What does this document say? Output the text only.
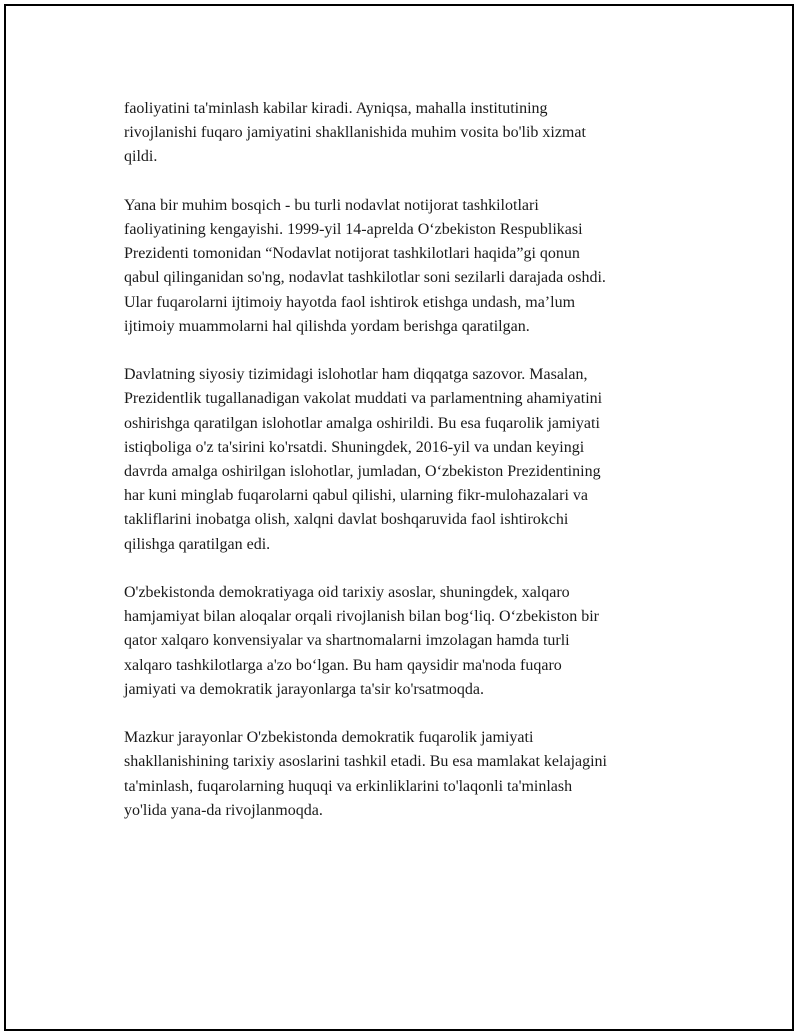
faoliyatini ta'minlash kabilar kiradi. Ayniqsa, mahalla institutining
rivojlanishi fuqaro jamiyatini shakllanishida muhim vosita bo'lib xizmat
qildi.

Yana bir muhim bosqich - bu turli nodavlat notijorat tashkilotlari
faoliyatining kengayishi. 1999-yil 14-aprelda O‘zbekiston Respublikasi
Prezidenti tomonidan “Nodavlat notijorat tashkilotlari haqida”gi qonun
qabul qilinganidan so'ng, nodavlat tashkilotlar soni sezilarli darajada oshdi.
Ular fuqarolarni ijtimoiy hayotda faol ishtirok etishga undash, ma’lum
ijtimoiy muammolarni hal qilishda yordam berishga qaratilgan.

Davlatning siyosiy tizimidagi islohotlar ham diqqatga sazovor. Masalan,
Prezidentlik tugallanadigan vakolat muddati va parlamentning ahamiyatini
oshirishga qaratilgan islohotlar amalga oshirildi. Bu esa fuqarolik jamiyati
istiqboliga o'z ta'sirini ko'rsatdi. Shuningdek, 2016-yil va undan keyingi
davrda amalga oshirilgan islohotlar, jumladan, O‘zbekiston Prezidentining
har kuni minglab fuqarolarni qabul qilishi, ularning fikr-mulohazalari va
takliflarini inobatga olish, xalqni davlat boshqaruvida faol ishtirokchi
qilishga qaratilgan edi.

O'zbekistonda demokratiyaga oid tarixiy asoslar, shuningdek, xalqaro
hamjamiyat bilan aloqalar orqali rivojlanish bilan bog‘liq. O‘zbekiston bir
qator xalqaro konvensiyalar va shartnomalarni imzolagan hamda turli
xalqaro tashkilotlarga a'zo bo‘lgan. Bu ham qaysidir ma'noda fuqaro
jamiyati va demokratik jarayonlarga ta'sir ko'rsatmoqda.

Mazkur jarayonlar O'zbekistonda demokratik fuqarolik jamiyati
shakllanishining tarixiy asoslarini tashkil etadi. Bu esa mamlakat kelajagini
ta'minlash, fuqarolarning huquqi va erkinliklarini to'laqonli ta'minlash
yo'lida yana-da rivojlanmoqda.
